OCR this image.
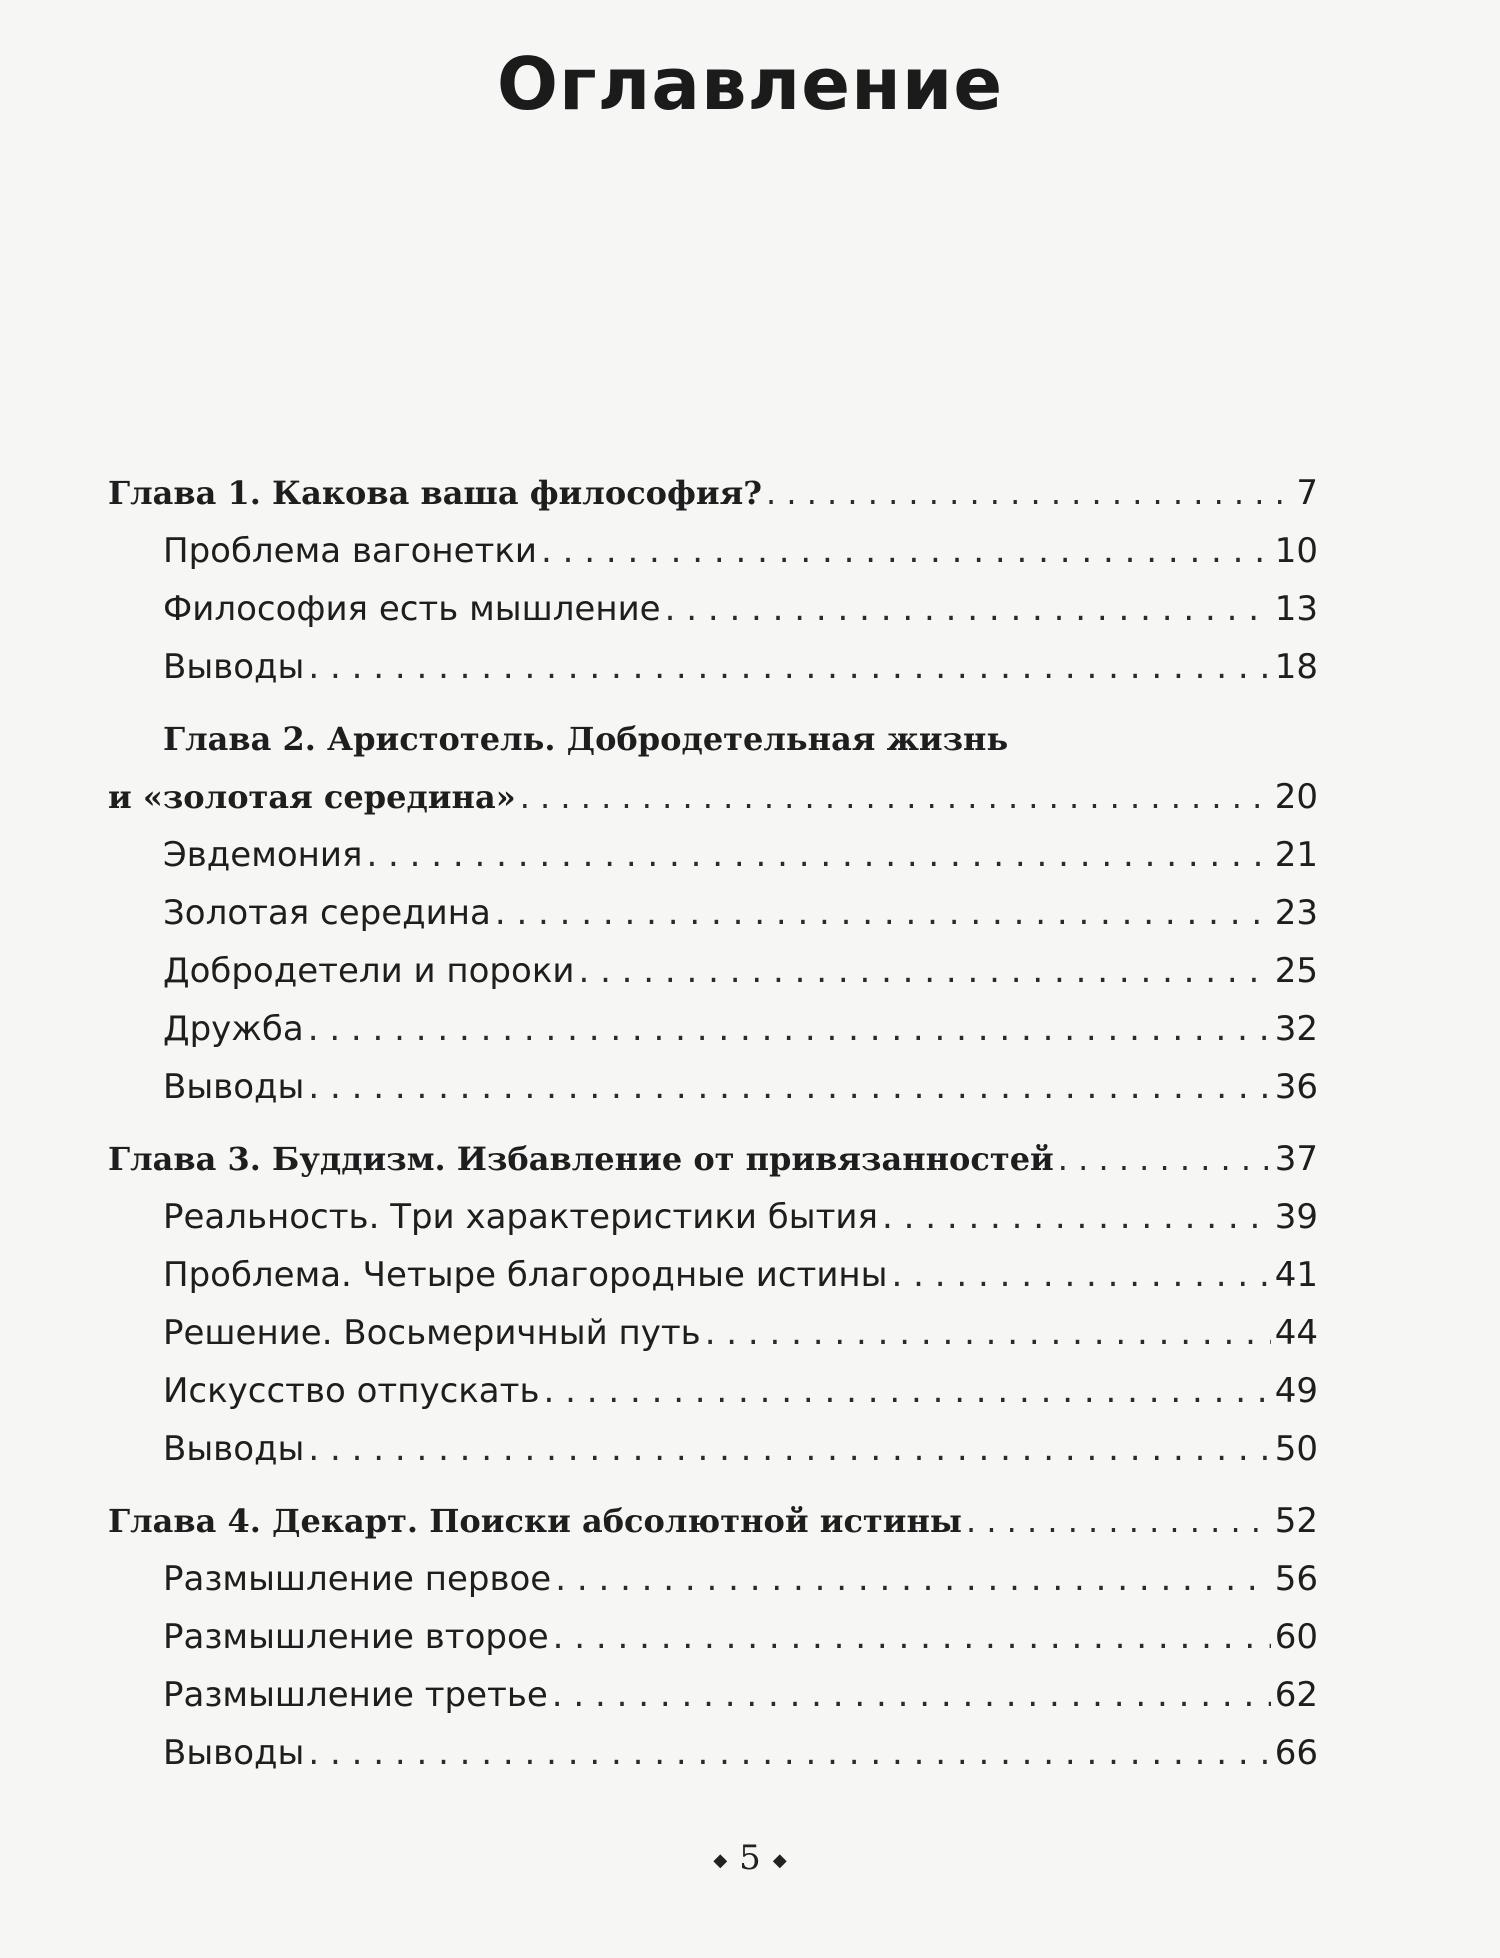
Оглавление
Глава 1. Какова ваша философия? . . .	7
Проблема вагонетки . . .	10
Философия есть мышление . . .	13
Выводы . . .	18
Глава 2. Аристотель. Добродетельная жизнь
и «золотая середина» . . .	20
Эвдемония . . .	21
Золотая середина . . .	23
Добродетели и пороки . . .	25
Дружба . . .	32
Выводы . . .	36
Глава 3. Буддизм. Избавление от привязанностей . . .	37
Реальность. Три характеристики бытия . . .	39
Проблема. Четыре благородные истины . . .	41
Решение. Восьмеричный путь . . .	44
Искусство отпускать . . .	49
Выводы . . .	50
Глава 4. Декарт. Поиски абсолютной истины . . .	52
Размышление первое . . .	56
Размышление второе . . .	60
Размышление третье . . .	62
Выводы . . .	66
◆ 5 ◆
